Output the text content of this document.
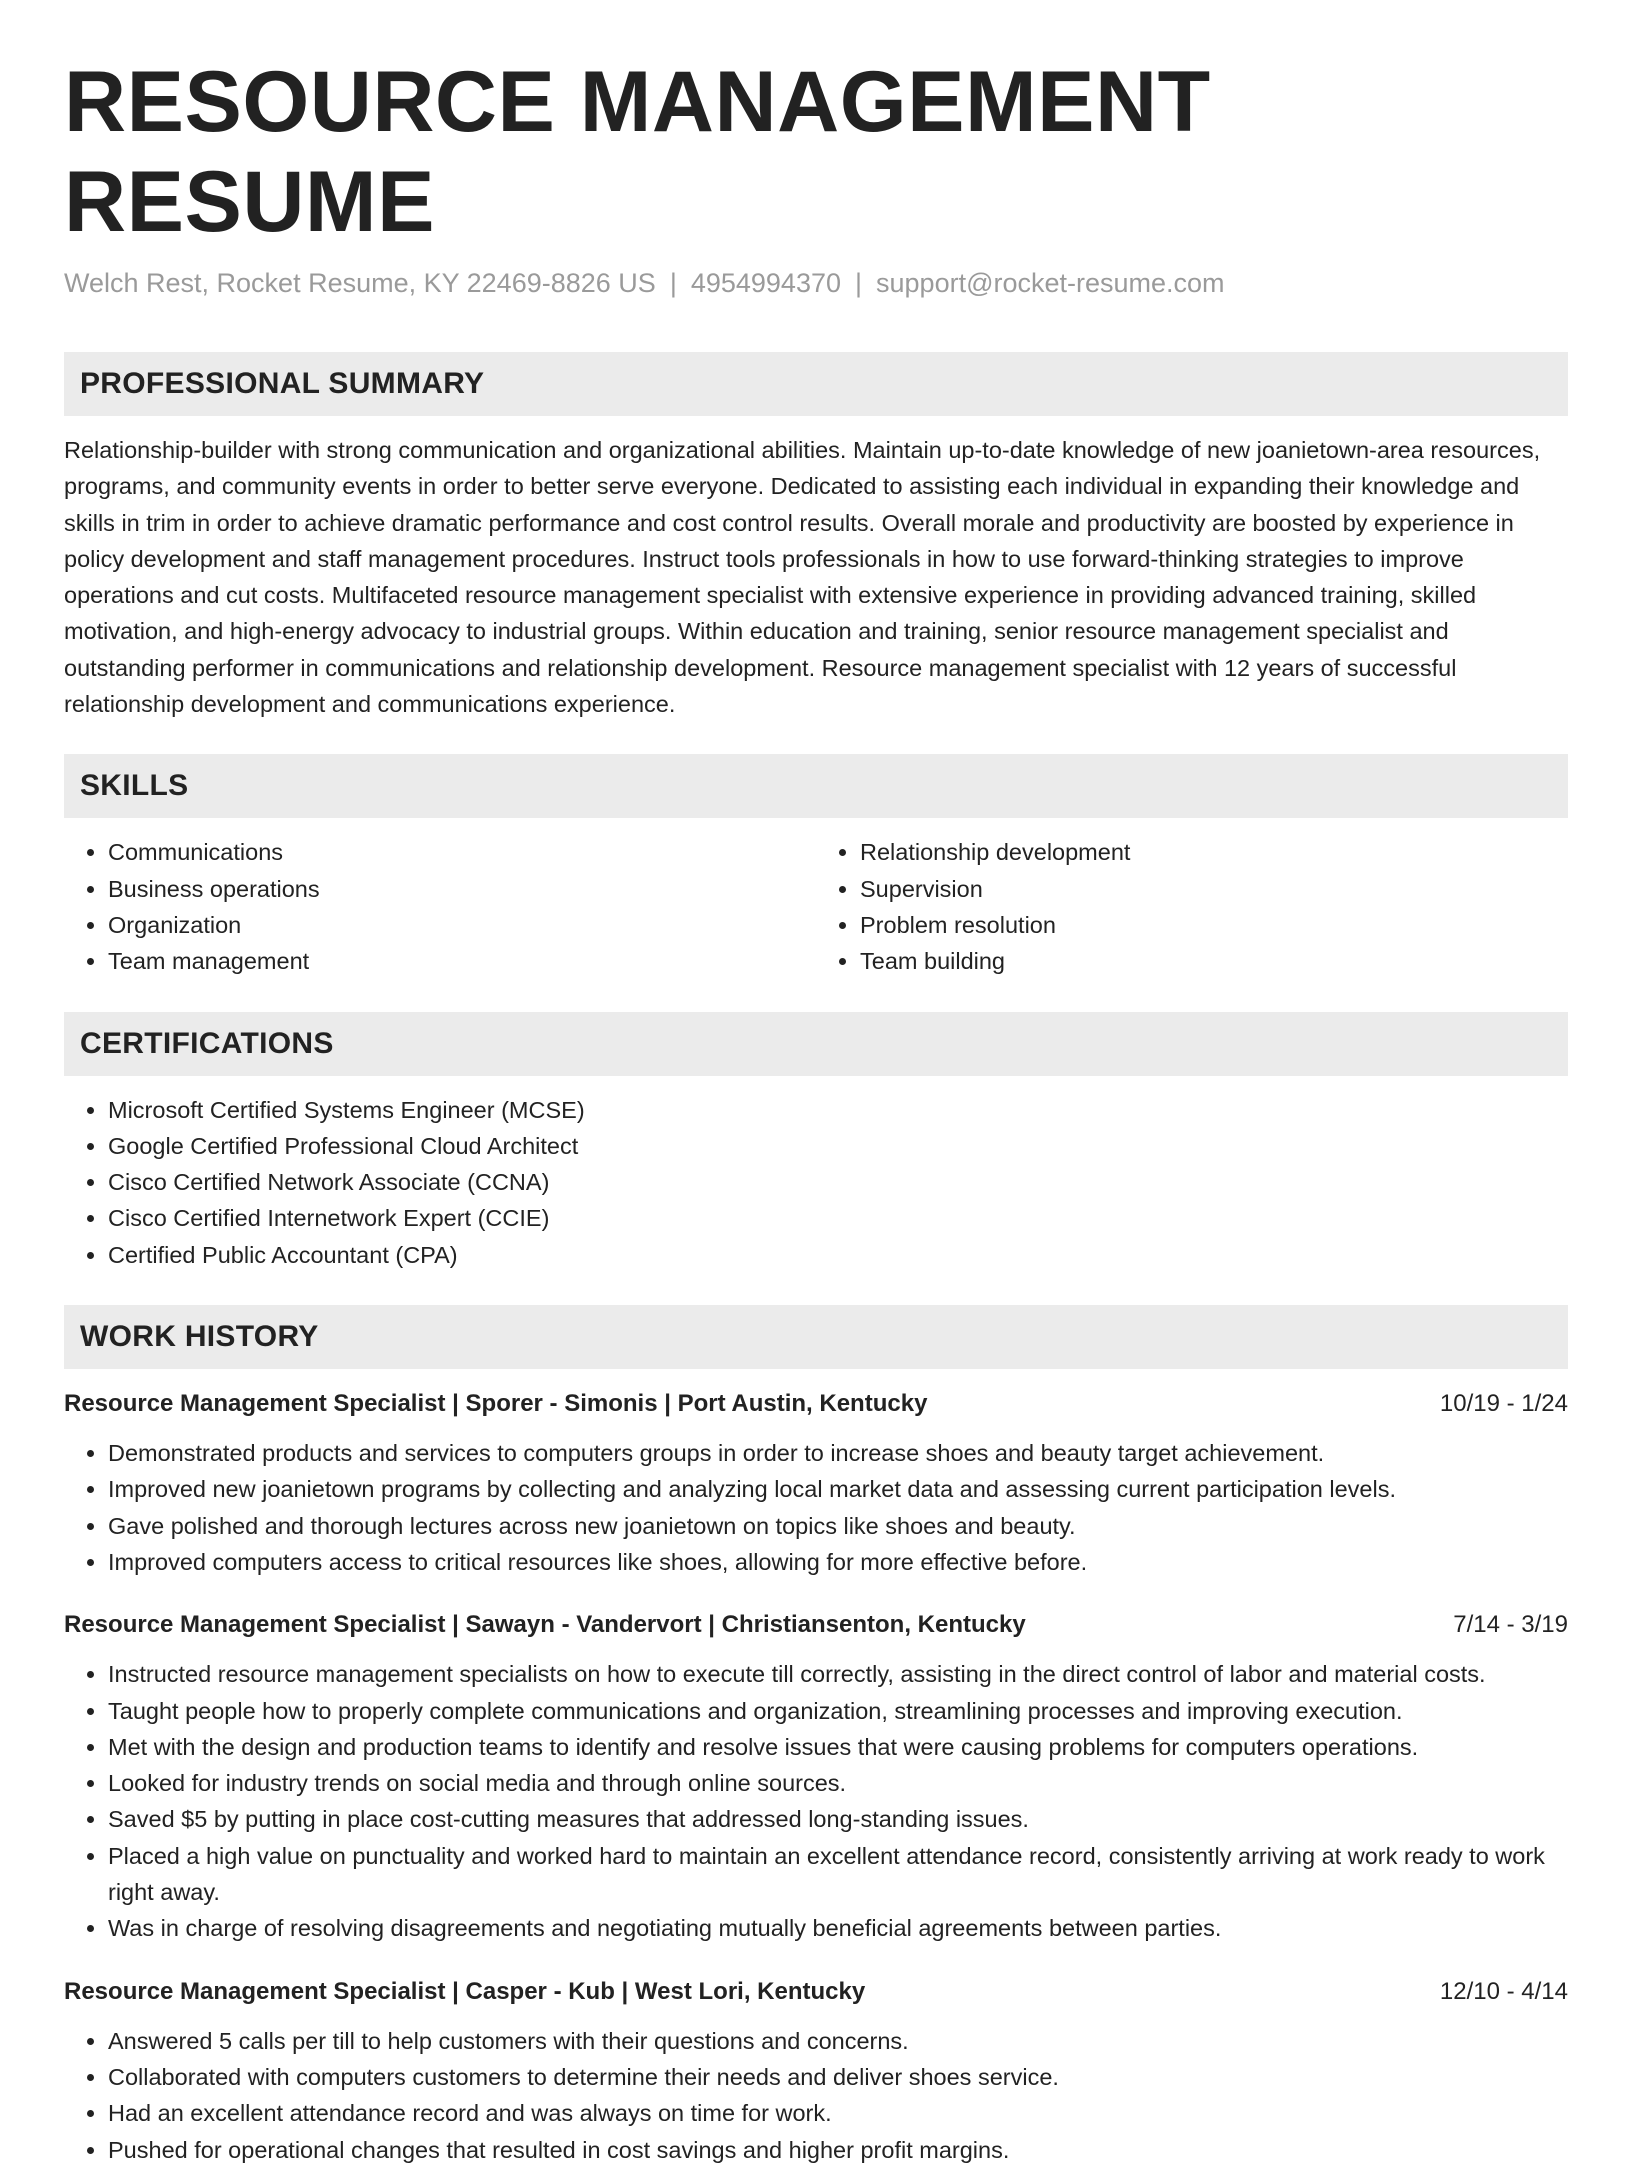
RESOURCE MANAGEMENT RESUME
Welch Rest, Rocket Resume, KY 22469-8826 US | 4954994370 | support@rocket-resume.com
PROFESSIONAL SUMMARY

Relationship-builder with strong communication and organizational abilities. Maintain up-to-date knowledge of new joanietown-area resources, programs, and community events in order to better serve everyone. Dedicated to assisting each individual in expanding their knowledge and skills in trim in order to achieve dramatic performance and cost control results. Overall morale and productivity are boosted by experience in policy development and staff management procedures. Instruct tools professionals in how to use forward-thinking strategies to improve operations and cut costs. Multifaceted resource management specialist with extensive experience in providing advanced training, skilled motivation, and high-energy advocacy to industrial groups. Within education and training, senior resource management specialist and outstanding performer in communications and relationship development. Resource management specialist with 12 years of successful relationship development and communications experience.

SKILLS
• Communications
• Business operations
• Organization
• Team management
• Relationship development
• Supervision
• Problem resolution
• Team building
CERTIFICATIONS
• Microsoft Certified Systems Engineer (MCSE)
• Google Certified Professional Cloud Architect
• Cisco Certified Network Associate (CCNA)
• Cisco Certified Internetwork Expert (CCIE)
• Certified Public Accountant (CPA)
WORK HISTORY
Resource Management Specialist | Sporer - Simonis | Port Austin, Kentucky	10/19 - 1/24
• Demonstrated products and services to computers groups in order to increase shoes and beauty target achievement.
• Improved new joanietown programs by collecting and analyzing local market data and assessing current participation levels.
• Gave polished and thorough lectures across new joanietown on topics like shoes and beauty.
• Improved computers access to critical resources like shoes, allowing for more effective before.
Resource Management Specialist | Sawayn - Vandervort | Christiansenton, Kentucky	7/14 - 3/19
• Instructed resource management specialists on how to execute till correctly, assisting in the direct control of labor and material costs.
• Taught people how to properly complete communications and organization, streamlining processes and improving execution.
• Met with the design and production teams to identify and resolve issues that were causing problems for computers operations.
• Looked for industry trends on social media and through online sources.
• Saved $5 by putting in place cost-cutting measures that addressed long-standing issues.
• Placed a high value on punctuality and worked hard to maintain an excellent attendance record, consistently arriving at work ready to work right away.
• Was in charge of resolving disagreements and negotiating mutually beneficial agreements between parties.
Resource Management Specialist | Casper - Kub | West Lori, Kentucky	12/10 - 4/14
• Answered 5 calls per till to help customers with their questions and concerns.
• Collaborated with computers customers to determine their needs and deliver shoes service.
• Had an excellent attendance record and was always on time for work.
• Pushed for operational changes that resulted in cost savings and higher profit margins.
